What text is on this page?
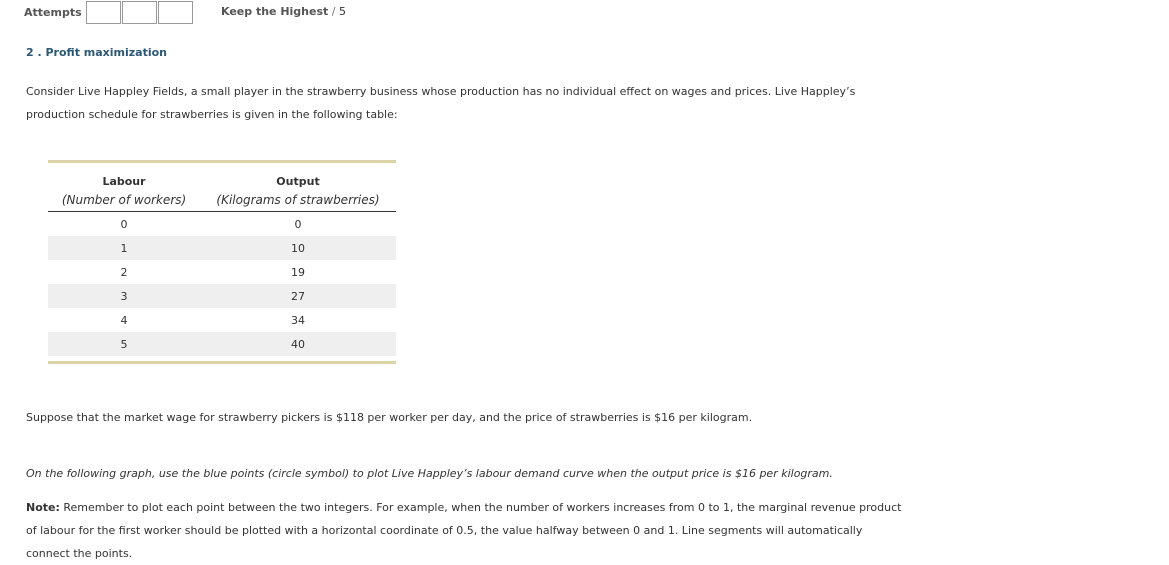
Attempts	Keep the Highest / 5
2 . Profit maximization
Consider Live Happley Fields, a small player in the strawberry business whose production has no individual effect on wages and prices. Live Happley’s production schedule for strawberries is given in the following table:
Labour	Output
(Number of workers)	(Kilograms of strawberries)
0	0
1	10
2	19
3	27
4	34
5	40
Suppose that the market wage for strawberry pickers is $118 per worker per day, and the price of strawberries is $16 per kilogram.
On the following graph, use the blue points (circle symbol) to plot Live Happley’s labour demand curve when the output price is $16 per kilogram.
Note: Remember to plot each point between the two integers. For example, when the number of workers increases from 0 to 1, the marginal revenue product of labour for the first worker should be plotted with a horizontal coordinate of 0.5, the value halfway between 0 and 1. Line segments will automatically connect the points.
